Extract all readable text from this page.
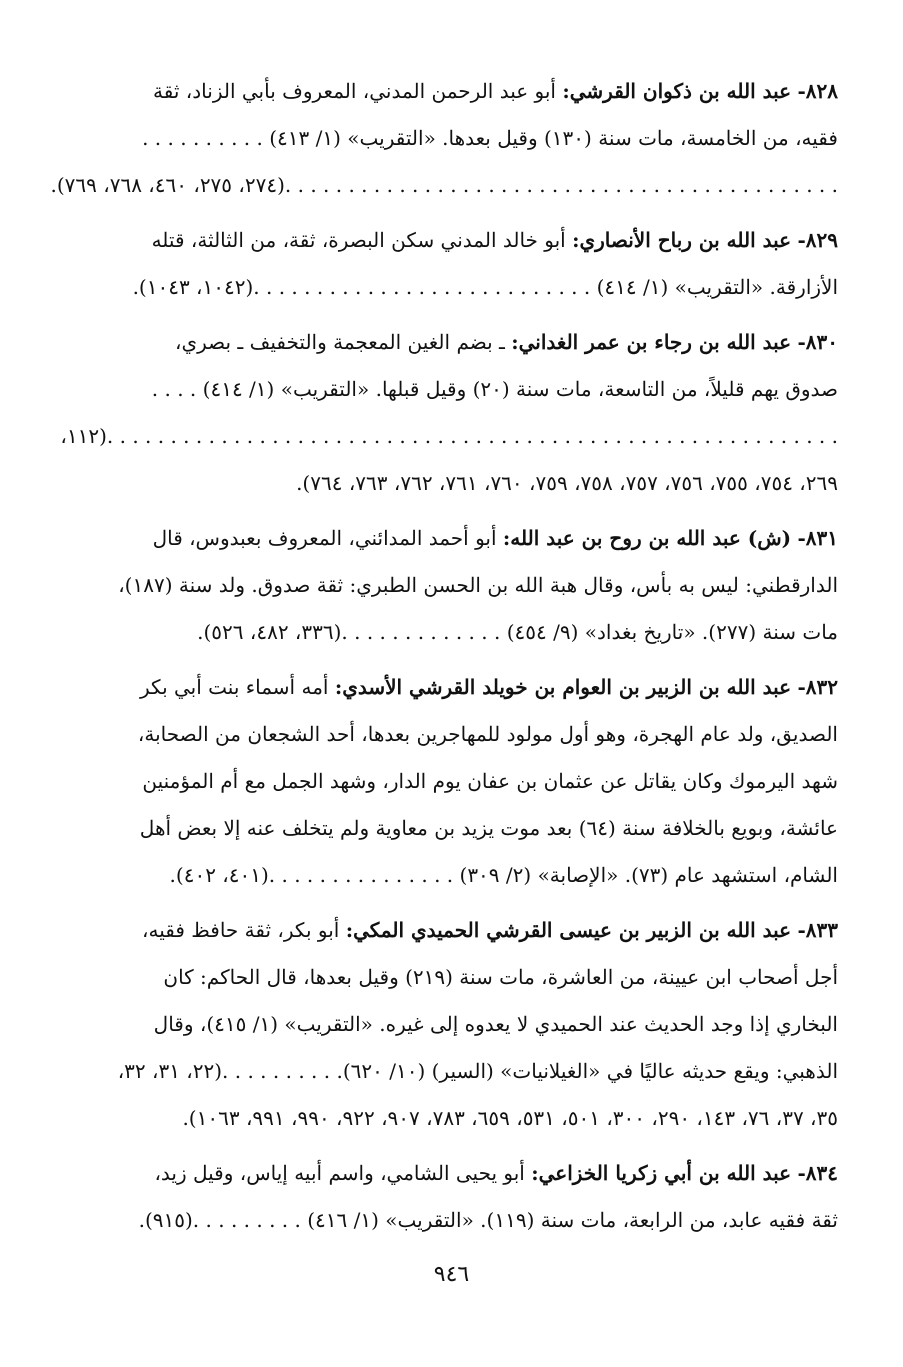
٨٢٨- عبد الله بن ذكوان القرشي: أبو عبد الرحمن المدني، المعروف بأبي الزناد، ثقة
فقيه، من الخامسة، مات سنة (١٣٠) وقيل بعدها. «التقريب» (١/ ٤١٣) . . . . . . . . . .
. . . . . . . . . . . . . . . . . . . . . . . . . . . . . . . . . . . . . . . . . . . .(٢٧٤، ٢٧٥، ٤٦٠، ٧٦٨، ٧٦٩).
٨٢٩- عبد الله بن رباح الأنصاري: أبو خالد المدني سكن البصرة، ثقة، من الثالثة، قتله
الأزارقة. «التقريب» (١/ ٤١٤) . . . . . . . . . . . . . . . . . . . . . . . . . . .(١٠٤٢، ١٠٤٣).
٨٣٠- عبد الله بن رجاء بن عمر الغداني: ـ بضم الغين المعجمة والتخفيف ـ بصري،
صدوق يهم قليلاً، من التاسعة، مات سنة (٢٠) وقيل قبلها. «التقريب» (١/ ٤١٤) . . . .
. . . . . . . . . . . . . . . . . . . . . . . . . . . . . . . . . . . . . . . . . . . . . . . . . . . . . . . . . .(١١٢،
٢٦٩، ٧٥٤، ٧٥٥، ٧٥٦، ٧٥٧، ٧٥٨، ٧٥٩، ٧٦٠، ٧٦١، ٧٦٢، ٧٦٣، ٧٦٤).
٨٣١- (ش) عبد الله بن روح بن عبد الله: أبو أحمد المدائني، المعروف بعبدوس، قال
الدارقطني: ليس به بأس، وقال هبة الله بن الحسن الطبري: ثقة صدوق. ولد سنة (١٨٧)،
مات سنة (٢٧٧). «تاريخ بغداد» (٩/ ٤٥٤) . . . . . . . . . . . . .(٣٣٦، ٤٨٢، ٥٢٦).
٨٣٢- عبد الله بن الزبير بن العوام بن خويلد القرشي الأسدي: أمه أسماء بنت أبي بكر
الصديق، ولد عام الهجرة، وهو أول مولود للمهاجرين بعدها، أحد الشجعان من الصحابة،
شهد اليرموك وكان يقاتل عن عثمان بن عفان يوم الدار، وشهد الجمل مع أم المؤمنين
عائشة، وبويع بالخلافة سنة (٦٤) بعد موت يزيد بن معاوية ولم يتخلف عنه إلا بعض أهل
الشام، استشهد عام (٧٣). «الإصابة» (٢/ ٣٠٩) . . . . . . . . . . . . . . .(٤٠١، ٤٠٢).
٨٣٣- عبد الله بن الزبير بن عيسى القرشي الحميدي المكي: أبو بكر، ثقة حافظ فقيه،
أجل أصحاب ابن عيينة، من العاشرة، مات سنة (٢١٩) وقيل بعدها، قال الحاكم: كان
البخاري إذا وجد الحديث عند الحميدي لا يعدوه إلى غيره. «التقريب» (١/ ٤١٥)، وقال
الذهبي: ويقع حديثه عاليًا في «الغيلانيات» (السير) (١٠/ ٦٢٠). . . . . . . . . .(٢٢، ٣١، ٣٢،
٣٥، ٣٧، ٧٦، ١٤٣، ٢٩٠، ٣٠٠، ٥٠١، ٥٣١، ٦٥٩، ٧٨٣، ٩٠٧، ٩٢٢، ٩٩٠، ٩٩١، ١٠٦٣).
٨٣٤- عبد الله بن أبي زكريا الخزاعي: أبو يحيى الشامي، واسم أبيه إياس، وقيل زيد،
ثقة فقيه عابد، من الرابعة، مات سنة (١١٩). «التقريب» (١/ ٤١٦) . . . . . . . . .(٩١٥).
٩٤٦
